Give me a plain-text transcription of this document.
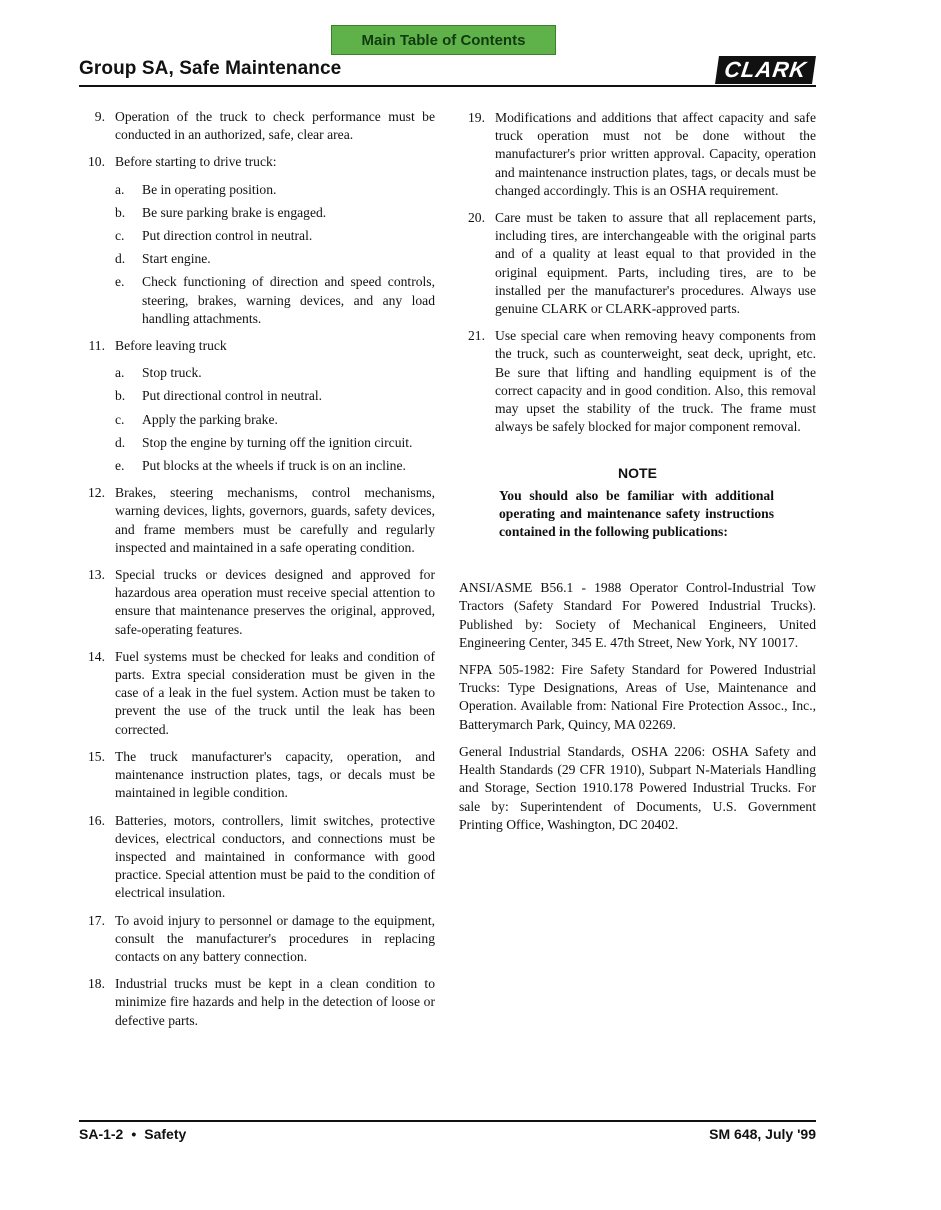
Main Table of Contents
Group SA, Safe Maintenance	CLARK
9. Operation of the truck to check performance must be conducted in an authorized, safe, clear area.
10. Before starting to drive truck:
a. Be in operating position.
b. Be sure parking brake is engaged.
c. Put direction control in neutral.
d. Start engine.
e. Check functioning of direction and speed controls, steering, brakes, warning devices, and any load handling attachments.
11. Before leaving truck
a. Stop truck.
b. Put directional control in neutral.
c. Apply the parking brake.
d. Stop the engine by turning off the ignition circuit.
e. Put blocks at the wheels if truck is on an incline.
12. Brakes, steering mechanisms, control mechanisms, warning devices, lights, governors, guards, safety devices, and frame members must be carefully and regularly inspected and maintained in a safe operating condition.
13. Special trucks or devices designed and approved for hazardous area operation must receive special attention to ensure that maintenance preserves the original, approved, safe-operating features.
14. Fuel systems must be checked for leaks and condition of parts. Extra special consideration must be given in the case of a leak in the fuel system. Action must be taken to prevent the use of the truck until the leak has been corrected.
15. The truck manufacturer's capacity, operation, and maintenance instruction plates, tags, or decals must be maintained in legible condition.
16. Batteries, motors, controllers, limit switches, protective devices, electrical conductors, and connections must be inspected and maintained in conformance with good practice. Special attention must be paid to the condition of electrical insulation.
17. To avoid injury to personnel or damage to the equipment, consult the manufacturer's procedures in replacing contacts on any battery connection.
18. Industrial trucks must be kept in a clean condition to minimize fire hazards and help in the detection of loose or defective parts.
19. Modifications and additions that affect capacity and safe truck operation must not be done without the manufacturer's prior written approval. Capacity, operation and maintenance instruction plates, tags, or decals must be changed accordingly. This is an OSHA requirement.
20. Care must be taken to assure that all replacement parts, including tires, are interchangeable with the original parts and of a quality at least equal to that provided in the original equipment. Parts, including tires, are to be installed per the manufacturer's procedures. Always use genuine CLARK or CLARK-approved parts.
21. Use special care when removing heavy components from the truck, such as counterweight, seat deck, upright, etc. Be sure that lifting and handling equipment is of the correct capacity and in good condition. Also, this removal may upset the stability of the truck. The frame must always be safely blocked for major component removal.
NOTE
You should also be familiar with additional operating and maintenance safety instructions contained in the following publications:
ANSI/ASME B56.1 - 1988 Operator Control-Industrial Tow Tractors (Safety Standard For Powered Industrial Trucks). Published by: Society of Mechanical Engineers, United Engineering Center, 345 E. 47th Street, New York, NY 10017.
NFPA 505-1982: Fire Safety Standard for Powered Industrial Trucks: Type Designations, Areas of Use, Maintenance and Operation. Available from: National Fire Protection Assoc., Inc., Batterymarch Park, Quincy, MA 02269.
General Industrial Standards, OSHA 2206: OSHA Safety and Health Standards (29 CFR 1910), Subpart N-Materials Handling and Storage, Section 1910.178 Powered Industrial Trucks. For sale by: Superintendent of Documents, U.S. Government Printing Office, Washington, DC 20402.
SA-1-2 • Safety	SM 648, July '99
